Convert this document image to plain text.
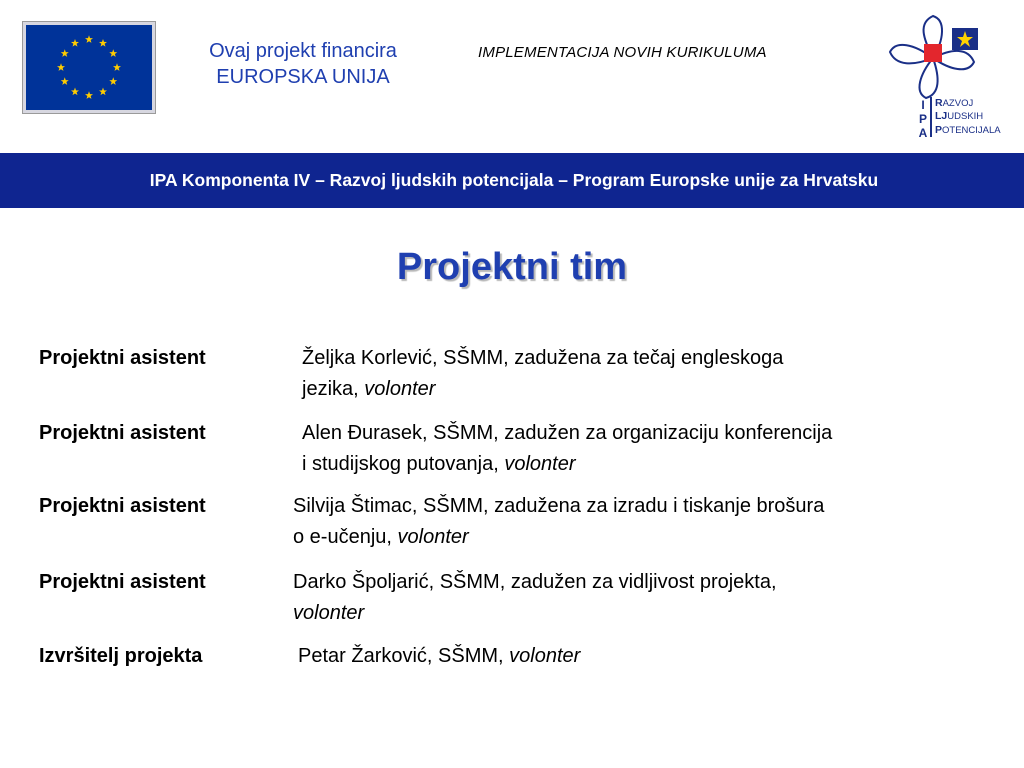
Ovaj projekt financira
EUROPSKA UNIJA
IMPLEMENTACIJA NOVIH KURIKULUMA
I
P
A
RAZVOJ
LJUDSKIH
POTENCIJALA
IPA Komponenta IV – Razvoj ljudskih potencijala – Program Europske unije za Hrvatsku
Projektni tim
Projektni asistent	Željka Korlević, SŠMM, zadužena za tečaj engleskoga
jezika, volonter
Projektni asistent	Alen Đurasek, SŠMM, zadužen za organizaciju konferencija
i studijskog putovanja, volonter
Projektni asistent	Silvija Štimac, SŠMM, zadužena za izradu i tiskanje brošura
o e-učenju, volonter
Projektni asistent	Darko Špoljarić, SŠMM, zadužen za vidljivost projekta,
volonter
Izvršitelj projekta	Petar Žarković, SŠMM, volonter
